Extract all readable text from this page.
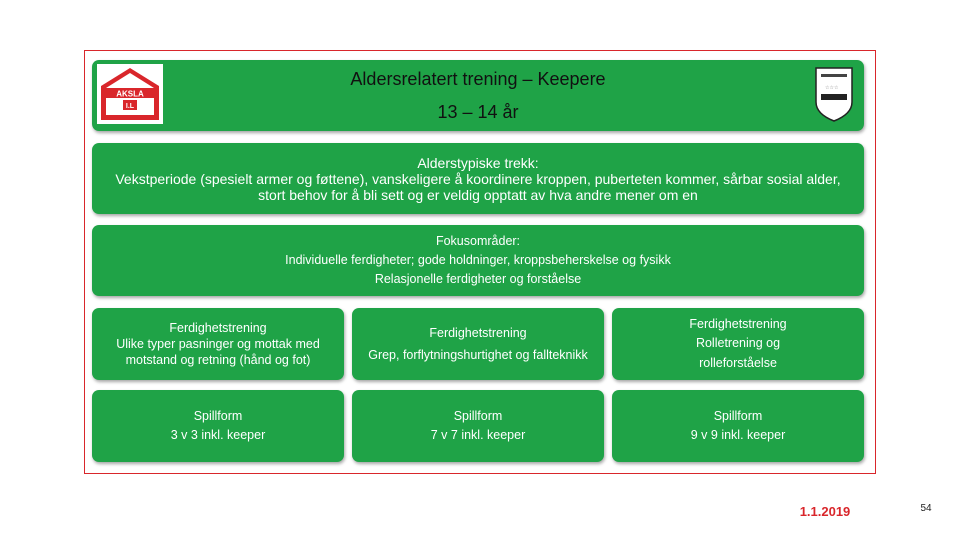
Aldersrelatert trening – Keepere
13 – 14 år
AKSLA
I.L
☆☆☆
Alderstypiske trekk:
Vekstperiode (spesielt armer og føttene), vanskeligere å koordinere kroppen, puberteten kommer, sårbar sosial alder, stort behov for å bli sett og er veldig opptatt av hva andre mener om en
Fokusområder:
Individuelle ferdigheter; gode holdninger, kroppsbeherskelse og fysikk
Relasjonelle ferdigheter og forståelse
Ferdighetstrening
Ulike typer pasninger og mottak med
motstand og retning (hånd og fot)
Ferdighetstrening
Grep, forflytningshurtighet og fallteknikk
Ferdighetstrening
Rolletrening og
rolleforståelse
Spillform
3 v 3 inkl. keeper
Spillform
7 v 7 inkl. keeper
Spillform
9 v 9 inkl. keeper
1.1.2019	54
